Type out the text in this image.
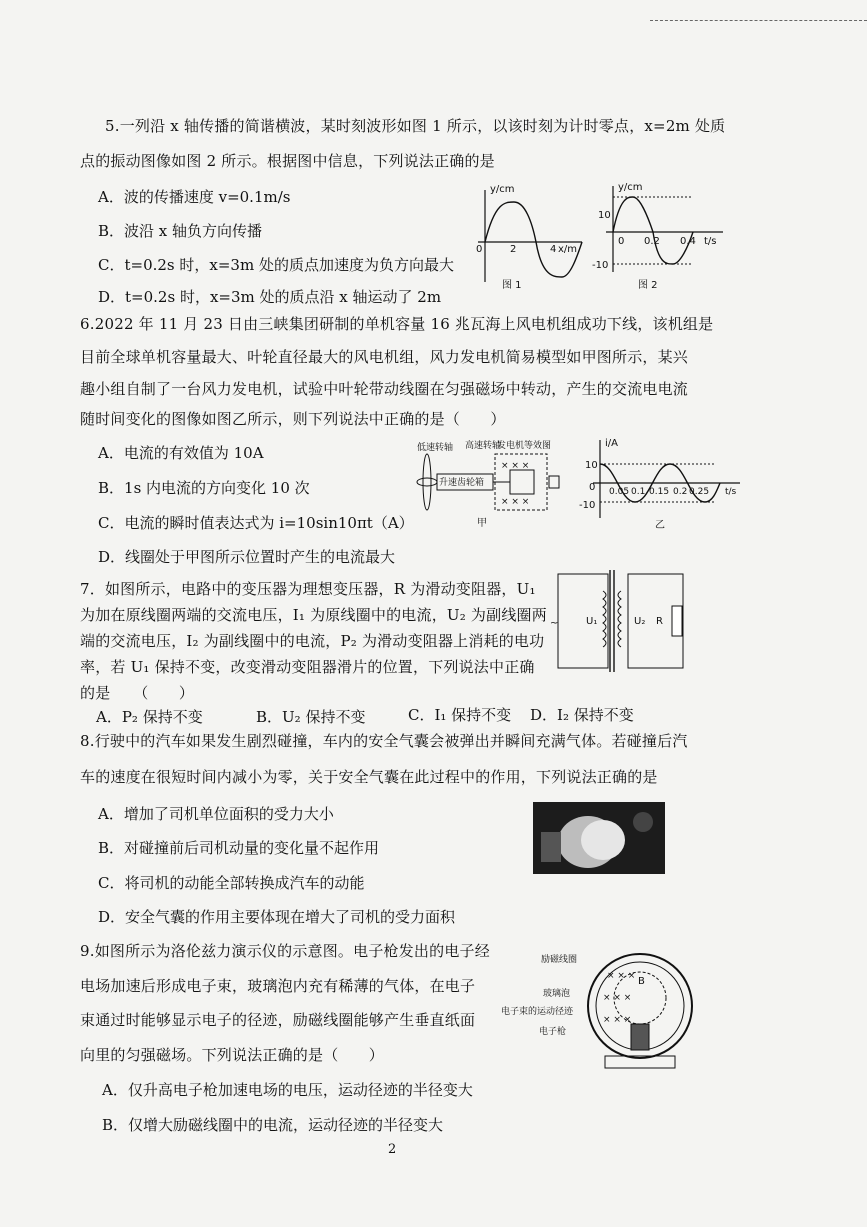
5.一列沿 x 轴传播的简谐横波，某时刻波形如图 1 所示，以该时刻为计时零点，x=2m 处质
点的振动图像如图 2 所示。根据图中信息，下列说法正确的是
A．波的传播速度 v=0.1m/s
B．波沿 x 轴负方向传播
C．t=0.2s 时，x=3m 处的质点加速度为负方向最大
D．t=0.2s 时，x=3m 处的质点沿 x 轴运动了 2m
y/cm
0	2	4 x/m
图 1
y/cm
10
-10
0 0.2 0.4 t/s
图 2
6.2022 年 11 月 23 日由三峡集团研制的单机容量 16 兆瓦海上风电机组成功下线，该机组是
目前全球单机容量最大、叶轮直径最大的风电机组，风力发电机简易模型如甲图所示，某兴
趣小组自制了一台风力发电机，试验中叶轮带动线圈在匀强磁场中转动，产生的交流电电流
随时间变化的图像如图乙所示，则下列说法中正确的是（　　）
A．电流的有效值为 10A
B．1s 内电流的方向变化 10 次
C．电流的瞬时值表达式为 i=10sin10πt（A）
D．线圈处于甲图所示位置时产生的电流最大
× × ×
× × ×
低速转轴 高速转轴
发电机等效图
升速齿轮箱
甲
i/A
10
-10
0 0.05 0.1 0.15 0.2 0.25 t/s
乙
7．如图所示，电路中的变压器为理想变压器，R 为滑动变阻器，U₁
为加在原线圈两端的交流电压，I₁ 为原线圈中的电流，U₂ 为副线圈两
端的交流电压，I₂ 为副线圈中的电流，P₂ 为滑动变阻器上消耗的电功
率，若 U₁ 保持不变，改变滑动变阻器滑片的位置，下列说法中正确
的是　　（　　）
A．P₂ 保持不变	B．U₂ 保持不变	C．I₁ 保持不变 D．I₂ 保持不变
~	U₁	U₂ R
8.行驶中的汽车如果发生剧烈碰撞，车内的安全气囊会被弹出并瞬间充满气体。若碰撞后汽
车的速度在很短时间内减小为零，关于安全气囊在此过程中的作用，下列说法正确的是
A．增加了司机单位面积的受力大小
B．对碰撞前后司机动量的变化量不起作用
C．将司机的动能全部转换成汽车的动能
D．安全气囊的作用主要体现在增大了司机的受力面积
9.如图所示为洛伦兹力演示仪的示意图。电子枪发出的电子经
电场加速后形成电子束，玻璃泡内充有稀薄的气体，在电子
束通过时能够显示电子的径迹，励磁线圈能够产生垂直纸面
向里的匀强磁场。下列说法正确的是（　　）
A．仅升高电子枪加速电场的电压，运动径迹的半径变大
B．仅增大励磁线圈中的电流，运动径迹的半径变大
× × ×
× × ×
× × ×
励磁线圈
玻璃泡
电子束的运动径迹
电子枪
B
2
